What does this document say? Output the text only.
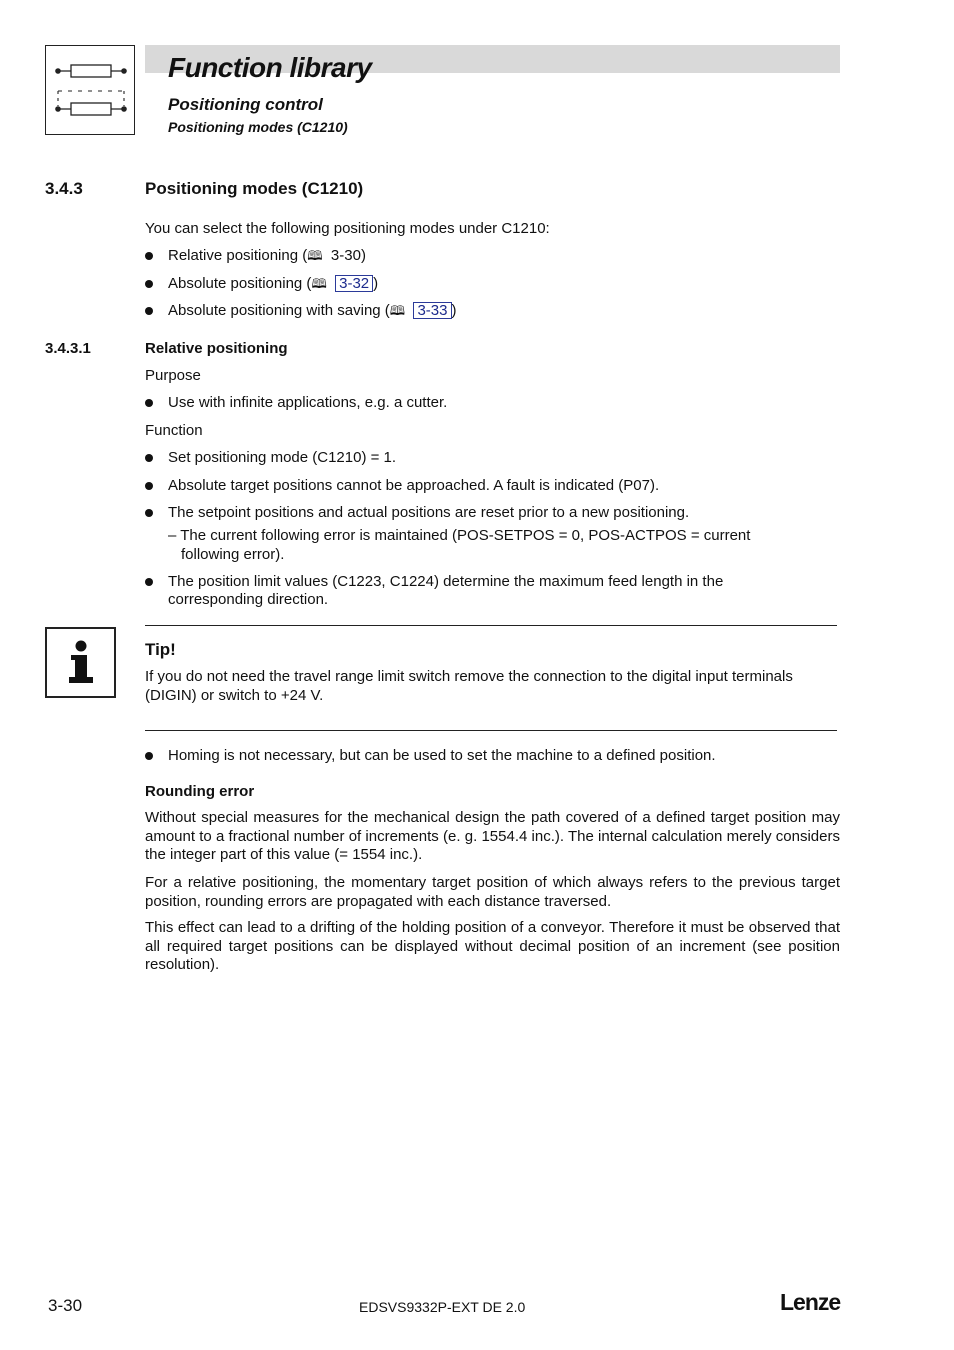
Function library
Positioning control
Positioning modes (C1210)
3.4.3	Positioning modes (C1210)
You can select the following positioning modes under C1210:
Relative positioning (🕮 3-30)
Absolute positioning (🕮 3-32 )
Absolute positioning with saving (🕮 3-33 )
3.4.3.1	Relative positioning
Purpose
Use with infinite applications, e.g. a cutter.
Function
Set positioning mode (C1210) = 1.
Absolute target positions cannot be approached. A fault is indicated (P07).
The setpoint positions and actual positions are reset prior to a new positioning.
– The current following error is maintained (POS-SETPOS = 0, POS-ACTPOS = current
following error).
The position limit values (C1223, C1224) determine the maximum feed length in the
corresponding direction.
Tip!
If you do not need the travel range limit switch remove the connection to the digital input terminals
(DIGIN) or switch to +24 V.
Homing is not necessary, but can be used to set the machine to a defined position.
Rounding error
Without special measures for the mechanical design the path covered of a defined target position may amount to a fractional number of increments (e. g. 1554.4 inc.). The internal calculation merely considers the integer part of this value (= 1554 inc.).
For a relative positioning, the momentary target position of which always refers to the previous target position, rounding errors are propagated with each distance traversed.
This effect can lead to a drifting of the holding position of a conveyor. Therefore it must be observed that all required target positions can be displayed without decimal position of an increment (see position resolution).
3-30	EDSVS9332P-EXT DE 2.0	Lenze
